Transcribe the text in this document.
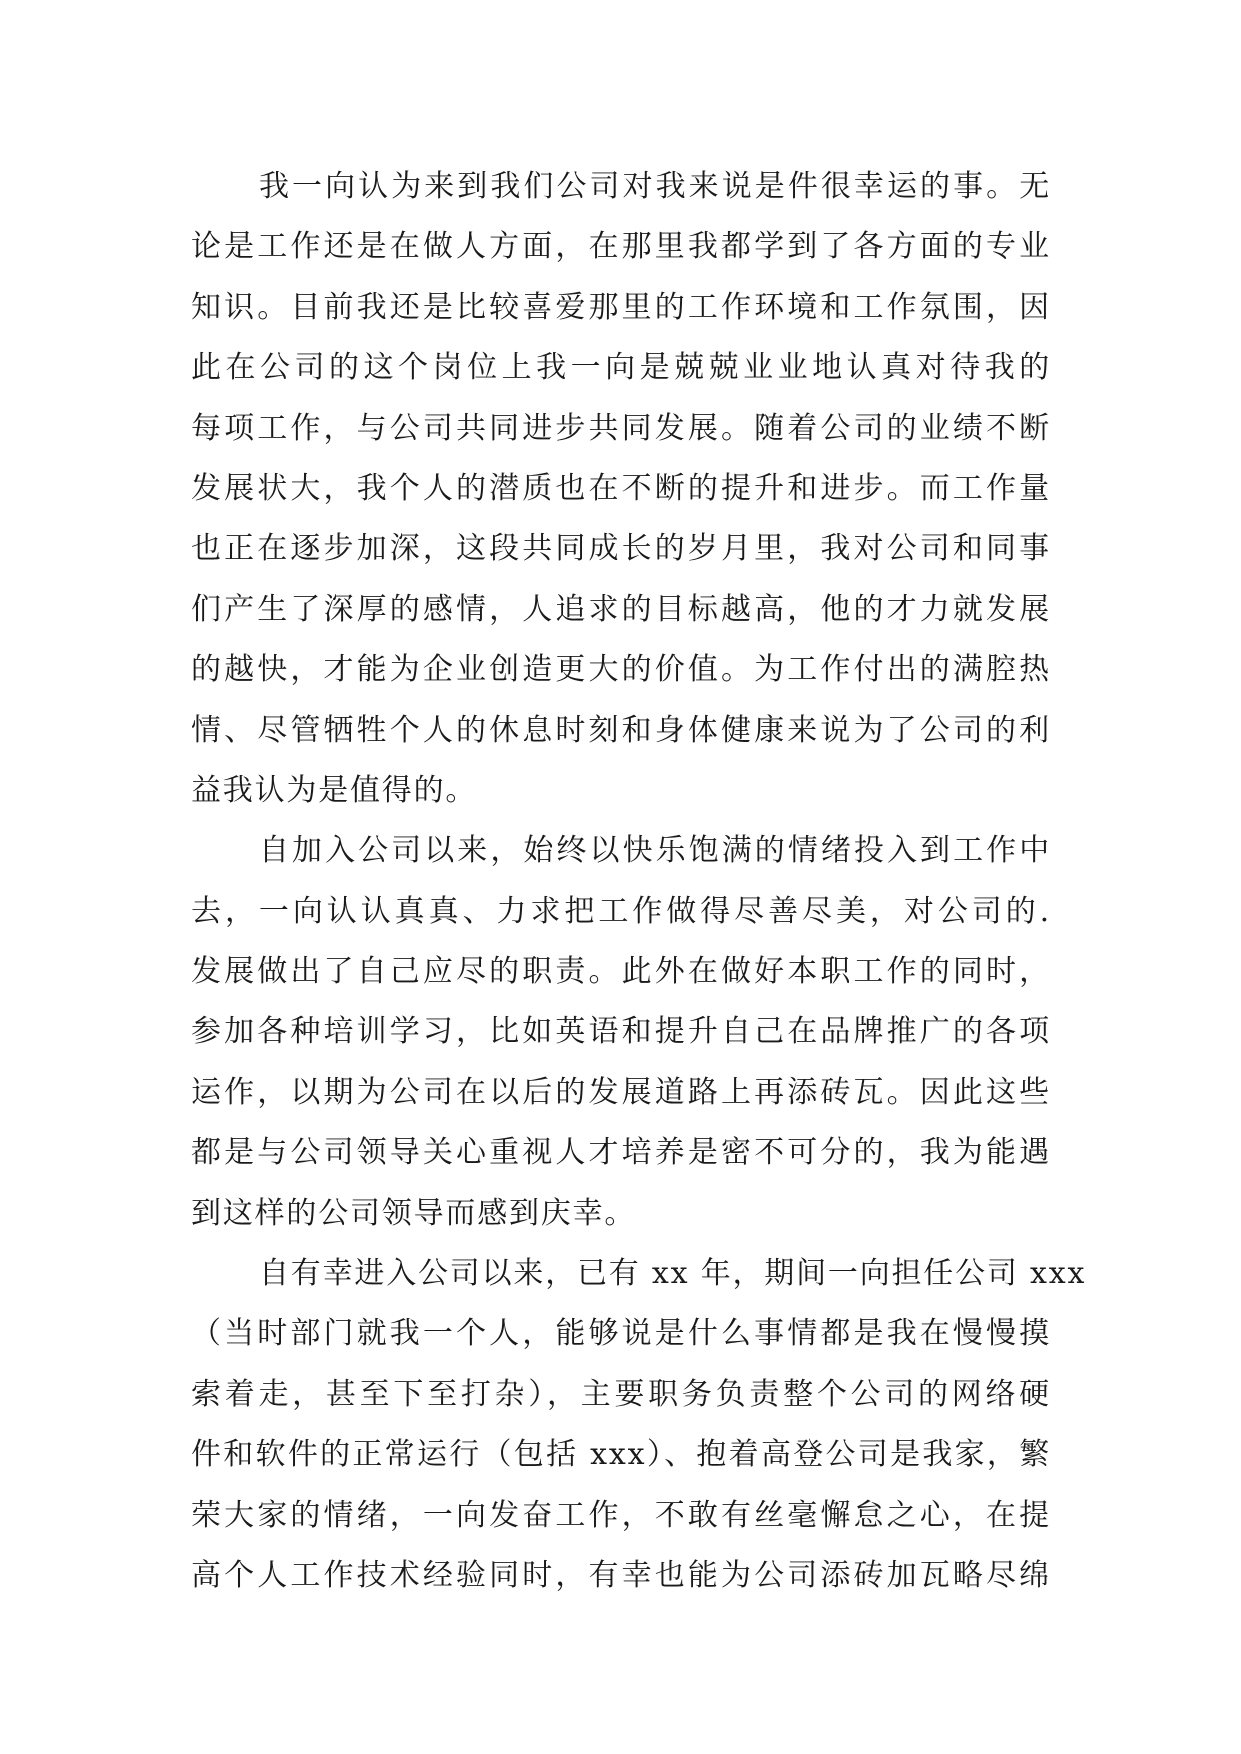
我一向认为来到我们公司对我来说是件很幸运的事。无
论是工作还是在做人方面，在那里我都学到了各方面的专业
知识。目前我还是比较喜爱那里的工作环境和工作氛围，因
此在公司的这个岗位上我一向是兢兢业业地认真对待我的
每项工作，与公司共同进步共同发展。随着公司的业绩不断
发展状大，我个人的潜质也在不断的提升和进步。而工作量
也正在逐步加深，这段共同成长的岁月里，我对公司和同事
们产生了深厚的感情，人追求的目标越高，他的才力就发展
的越快，才能为企业创造更大的价值。为工作付出的满腔热
情、尽管牺牲个人的休息时刻和身体健康来说为了公司的利
益我认为是值得的。
自加入公司以来，始终以快乐饱满的情绪投入到工作中
去，一向认认真真、力求把工作做得尽善尽美，对公司的.
发展做出了自己应尽的职责。此外在做好本职工作的同时，
参加各种培训学习，比如英语和提升自己在品牌推广的各项
运作，以期为公司在以后的发展道路上再添砖瓦。因此这些
都是与公司领导关心重视人才培养是密不可分的，我为能遇
到这样的公司领导而感到庆幸。
自有幸进入公司以来，已有 xx 年，期间一向担任公司 xxx
（当时部门就我一个人，能够说是什么事情都是我在慢慢摸
索着走，甚至下至打杂），主要职务负责整个公司的网络硬
件和软件的正常运行（包括 xxx）、抱着高登公司是我家，繁
荣大家的情绪，一向发奋工作，不敢有丝毫懈怠之心，在提
高个人工作技术经验同时，有幸也能为公司添砖加瓦略尽绵
